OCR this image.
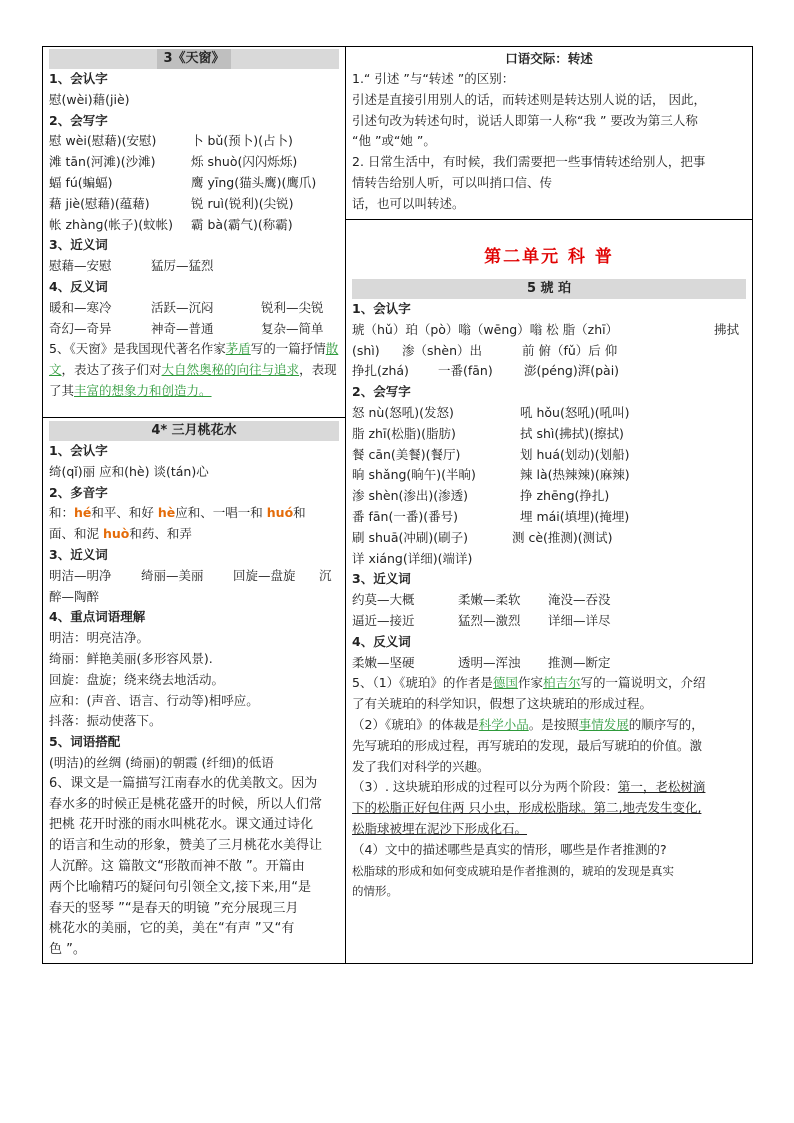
3《天窗》
1、会认字
慰(wèi)藉(jiè)
2、会写字
慰 wèi(慰藉)(安慰)	卜 bǔ(预卜)(占卜)
滩 tān(河滩)(沙滩)	烁 shuò(闪闪烁烁)
蝠 fú(蝙蝠)	鹰 yīng(猫头鹰)(鹰爪)
藉 jiè(慰藉)(蕴藉)	锐 ruì(锐利)(尖锐)
帐 zhànɡ(帐子)(蚊帐) 霸 bà(霸气)(称霸)
3、近义词
慰藉—安慰	猛厉—猛烈
4、反义词
暖和—寒冷	活跃—沉闷	锐利—尖锐
奇幻—奇异	神奇—普通	复杂—简单
5、《天窗》是我国现代著名作家茅盾写的一篇抒情散文，表达了孩子们对大自然奥秘的向往与追求，表现了其丰富的想象力和创造力。
4* 三月桃花水
1、会认字
绮(qǐ)丽 应和(hè) 谈(tán)心
2、多音字
和：hé和平、和好 hè应和、一唱一和 huó和
面、和泥 huò和药、和弄
3、近义词
明洁—明净 绮丽—美丽 回旋—盘旋 沉
醉—陶醉
4、重点词语理解
明洁：明亮洁净。
绮丽：鲜艳美丽(多形容风景).
回旋：盘旋；绕来绕去地活动。
应和：(声音、语言、行动等)相呼应。
抖落：振动使落下。
5、词语搭配
(明洁)的丝绸 (绮丽)的朝霞 (纤细)的低语
6、课文是一篇描写江南春水的优美散文。因为
春水多的时候正是桃花盛开的时候，所以人们常
把桃 花开时涨的雨水叫桃花水。课文通过诗化
的语言和生动的形象，赞美了三月桃花水美得让
人沉醉。这 篇散文“形散而神不散 ”。开篇由
两个比喻精巧的疑问句引领全文,接下来,用“是
春天的竖琴 ”“是春天的明镜 ”充分展现三月
桃花水的美丽，它的美，美在“有声 ”又“有
色 ”。
口语交际：转述
1.“ 引述 ”与“转述 ”的区别：
引述是直接引用别人的话，而转述则是转达别人说的话， 因此，
引述句改为转述句时，说话人即第一人称“我 ” 要改为第三人称
“他 ”或“她 ”。
2. 日常生活中，有时候，我们需要把一些事情转述给别人，把事
情转告给别人听，可以叫捎口信、传
话，也可以叫转述。
第二单元 科 普
5 琥 珀
1、会认字
琥（hǔ）珀（pò）嗡（wēng）嗡 松 脂（zhī）	拂拭
(shì) 渗（shèn）出	前 俯（fǔ）后 仰
挣扎(zhá) 一番(fān)	澎(péng)湃(pài)
2、会写字
怒 nù(怒吼)(发怒)	吼 hǒu(怒吼)(吼叫)
脂 zhī(松脂)(脂肪)	拭 shì(拂拭)(擦拭)
餐 cān(美餐)(餐厅)	划 huá(划动)(划船)
晌 shǎng(晌午)(半晌)	辣 là(热辣辣)(麻辣)
渗 shèn(渗出)(渗透)	挣 zhēng(挣扎)
番 fān(一番)(番号)	埋 mái(填埋)(掩埋)
刷 shuā(冲刷)(刷子)	测 cè(推测)(测试)
详 xiáng(详细)(端详)
3、近义词
约莫—大概	柔嫩—柔软 淹没—吞没
逼近—接近	猛烈—激烈 详细—详尽
4、反义词
柔嫩—坚硬	透明—浑浊 推测—断定
5、（1）《琥珀》的作者是德国作家柏吉尔写的一篇说明文，介绍
了有关琥珀的科学知识，假想了这块琥珀的形成过程。
（2）《琥珀》的体裁是科学小品。是按照事情发展的顺序写的，
先写琥珀的形成过程，再写琥珀的发现，最后写琥珀的价值。激
发了我们对科学的兴趣。
（3）. 这块琥珀形成的过程可以分为两个阶段：第一，老松树滴
下的松脂正好包住两 只小虫，形成松脂球。第二,地壳发生变化,
松脂球被埋在泥沙下形成化石。
（4）文中的描述哪些是真实的情形，哪些是作者推测的?
松脂球的形成和如何变成琥珀是作者推测的，琥珀的发现是真实
的情形。
